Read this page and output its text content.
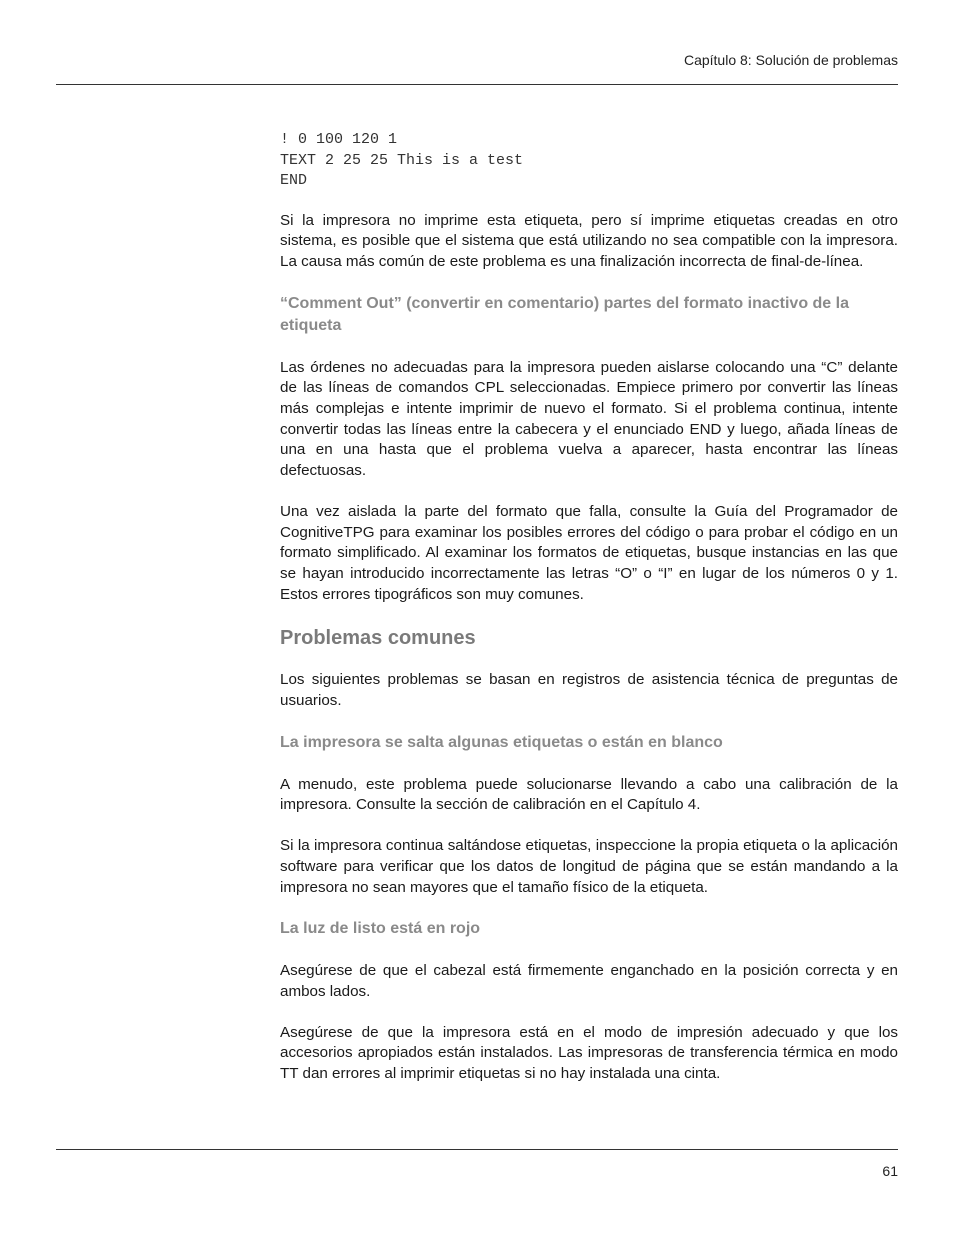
Capítulo 8: Solución de problemas
! 0 100 120 1
TEXT 2 25 25 This is a test
END

Si la impresora no imprime esta etiqueta, pero sí imprime etiquetas creadas en otro sistema, es posible que el sistema que está utilizando no sea compatible con la impresora. La causa más común de este problema es una finalización incorrecta de final-de-línea.

“Comment Out” (convertir en comentario) partes del formato inactivo de la etiqueta

Las órdenes no adecuadas para la impresora pueden aislarse colocando una “C” delante de las líneas de comandos CPL seleccionadas. Empiece primero por convertir las líneas más complejas e intente imprimir de nuevo el formato. Si el problema continua, intente convertir todas las líneas entre la cabecera y el enunciado END y luego, añada líneas de una en una hasta que el problema vuelva a aparecer, hasta encontrar las líneas defectuosas.

Una vez aislada la parte del formato que falla, consulte la Guía del Programador de CognitiveTPG para examinar los posibles errores del código o para probar el código en un formato simplificado. Al examinar los formatos de etiquetas, busque instancias en las que se hayan introducido incorrectamente las letras “O” o “I” en lugar de los números 0 y 1. Estos errores tipográficos son muy comunes.

Problemas comunes

Los siguientes problemas se basan en registros de asistencia técnica de preguntas de usuarios.

La impresora se salta algunas etiquetas o están en blanco

A menudo, este problema puede solucionarse llevando a cabo una calibración de la impresora. Consulte la sección de calibración en el Capítulo 4.

Si la impresora continua saltándose etiquetas, inspeccione la propia etiqueta o la aplicación software para verificar que los datos de longitud de página que se están mandando a la impresora no sean mayores que el tamaño físico de la etiqueta.

La luz de listo está en rojo

Asegúrese de que el cabezal está firmemente enganchado en la posición correcta y en ambos lados.

Asegúrese de que la impresora está en el modo de impresión adecuado y que los accesorios apropiados están instalados. Las impresoras de transferencia térmica en modo TT dan errores al imprimir etiquetas si no hay instalada una cinta.

61
